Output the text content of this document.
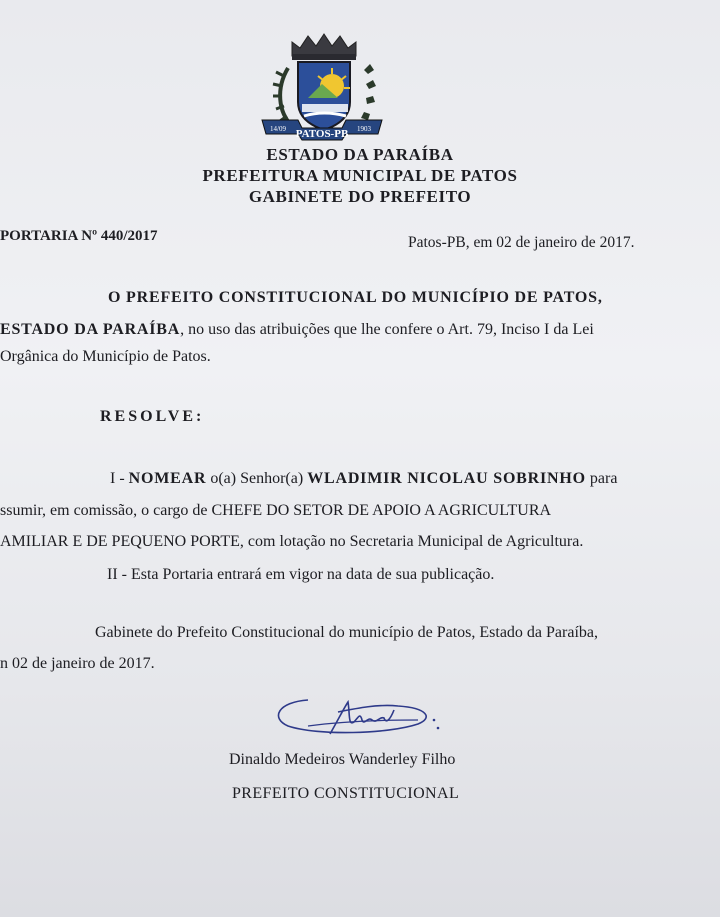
PATOS-PB
14/09	1903
ESTADO DA PARAÍBA
PREFEITURA MUNICIPAL DE PATOS
GABINETE DO PREFEITO
PORTARIA Nº 440/2017	Patos-PB, em 02 de janeiro de 2017.
O PREFEITO CONSTITUCIONAL DO MUNICÍPIO DE PATOS,
ESTADO DA PARAÍBA, no uso das atribuições que lhe confere o Art. 79, Inciso I da Lei
Orgânica do Município de Patos.
RESOLVE:
I - NOMEAR o(a) Senhor(a) WLADIMIR NICOLAU SOBRINHO para
ssumir, em comissão, o cargo de CHEFE DO SETOR DE APOIO A AGRICULTURA
AMILIAR E DE PEQUENO PORTE, com lotação no Secretaria Municipal de Agricultura.
II - Esta Portaria entrará em vigor na data de sua publicação.
Gabinete do Prefeito Constitucional do município de Patos, Estado da Paraíba,
n 02 de janeiro de 2017.
Dinaldo Medeiros Wanderley Filho
PREFEITO CONSTITUCIONAL
